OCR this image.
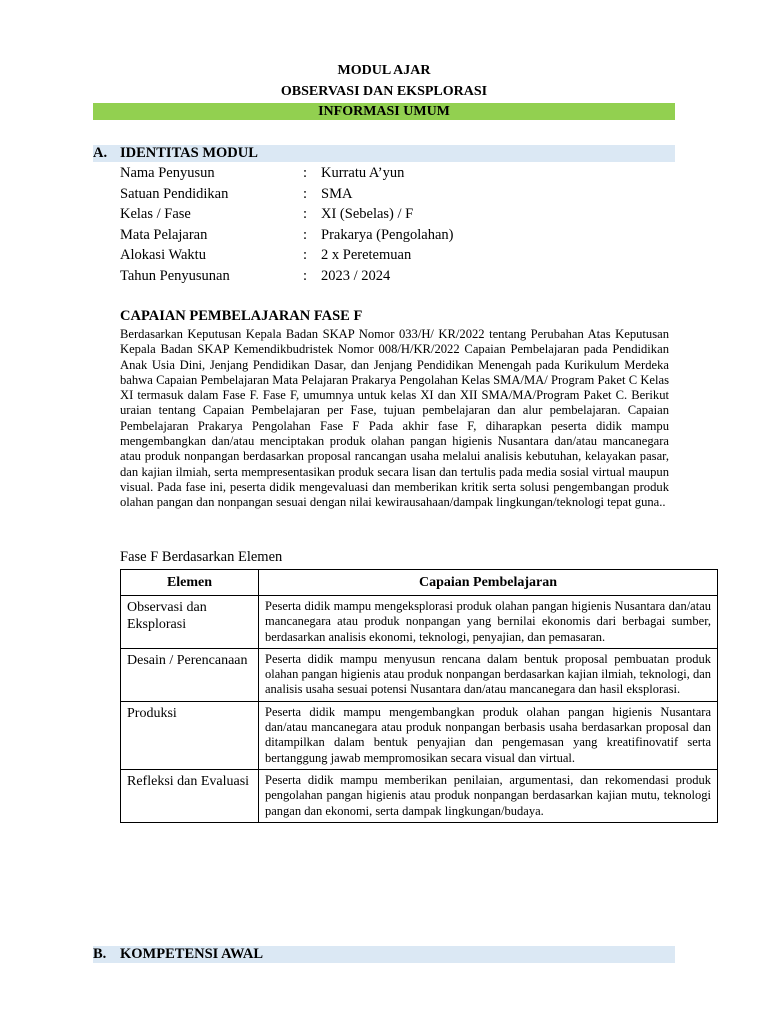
MODUL AJAR
OBSERVASI DAN EKSPLORASI
INFORMASI UMUM
A. IDENTITAS MODUL
Nama Penyusun	: Kurratu A’yun
Satuan Pendidikan	: SMA
Kelas / Fase	: XI (Sebelas) / F
Mata Pelajaran	: Prakarya (Pengolahan)
Alokasi Waktu	: 2 x Peretemuan
Tahun Penyusunan	: 2023 / 2024
CAPAIAN PEMBELAJARAN FASE F
Berdasarkan Keputusan Kepala Badan SKAP Nomor 033/H/ KR/2022 tentang Perubahan Atas Keputusan Kepala Badan SKAP Kemendikbudristek Nomor 008/H/KR/2022 Capaian Pembelajaran pada Pendidikan Anak Usia Dini, Jenjang Pendidikan Dasar, dan Jenjang Pendidikan Menengah pada Kurikulum Merdeka bahwa Capaian Pembelajaran Mata Pelajaran Prakarya Pengolahan Kelas SMA/MA/ Program Paket C Kelas XI termasuk dalam Fase F. Fase F, umumnya untuk kelas XI dan XII SMA/MA/Program Paket C. Berikut uraian tentang Capaian Pembelajaran per Fase, tujuan pembelajaran dan alur pembelajaran. Capaian Pembelajaran Prakarya Pengolahan Fase F Pada akhir fase F, diharapkan peserta didik mampu mengembangkan dan/atau menciptakan produk olahan pangan higienis Nusantara dan/atau mancanegara atau produk nonpangan berdasarkan proposal rancangan usaha melalui analisis kebutuhan, kelayakan pasar, dan kajian ilmiah, serta mempresentasikan produk secara lisan dan tertulis pada media sosial virtual maupun visual. Pada fase ini, peserta didik mengevaluasi dan memberikan kritik serta solusi pengembangan produk olahan pangan dan nonpangan sesuai dengan nilai kewirausahaan/dampak lingkungan/teknologi tepat guna..
Fase F Berdasarkan Elemen
Elemen	Capaian Pembelajaran
Observasi dan Eksplorasi	Peserta didik mampu mengeksplorasi produk olahan pangan higienis Nusantara dan/atau mancanegara atau produk nonpangan yang bernilai ekonomis dari berbagai sumber, berdasarkan analisis ekonomi, teknologi, penyajian, dan pemasaran.
Desain / Perencanaan	Peserta didik mampu menyusun rencana dalam bentuk proposal pembuatan produk olahan pangan higienis atau produk nonpangan berdasarkan kajian ilmiah, teknologi, dan analisis usaha sesuai potensi Nusantara dan/atau mancanegara dan hasil eksplorasi.
Produksi	Peserta didik mampu mengembangkan produk olahan pangan higienis Nusantara dan/atau mancanegara atau produk nonpangan berbasis usaha berdasarkan proposal dan ditampilkan dalam bentuk penyajian dan pengemasan yang kreatifinovatif serta bertanggung jawab mempromosikan secara visual dan virtual.
Refleksi dan Evaluasi	Peserta didik mampu memberikan penilaian, argumentasi, dan rekomendasi produk pengolahan pangan higienis atau produk nonpangan berdasarkan kajian mutu, teknologi pangan dan ekonomi, serta dampak lingkungan/budaya.
B. KOMPETENSI AWAL
